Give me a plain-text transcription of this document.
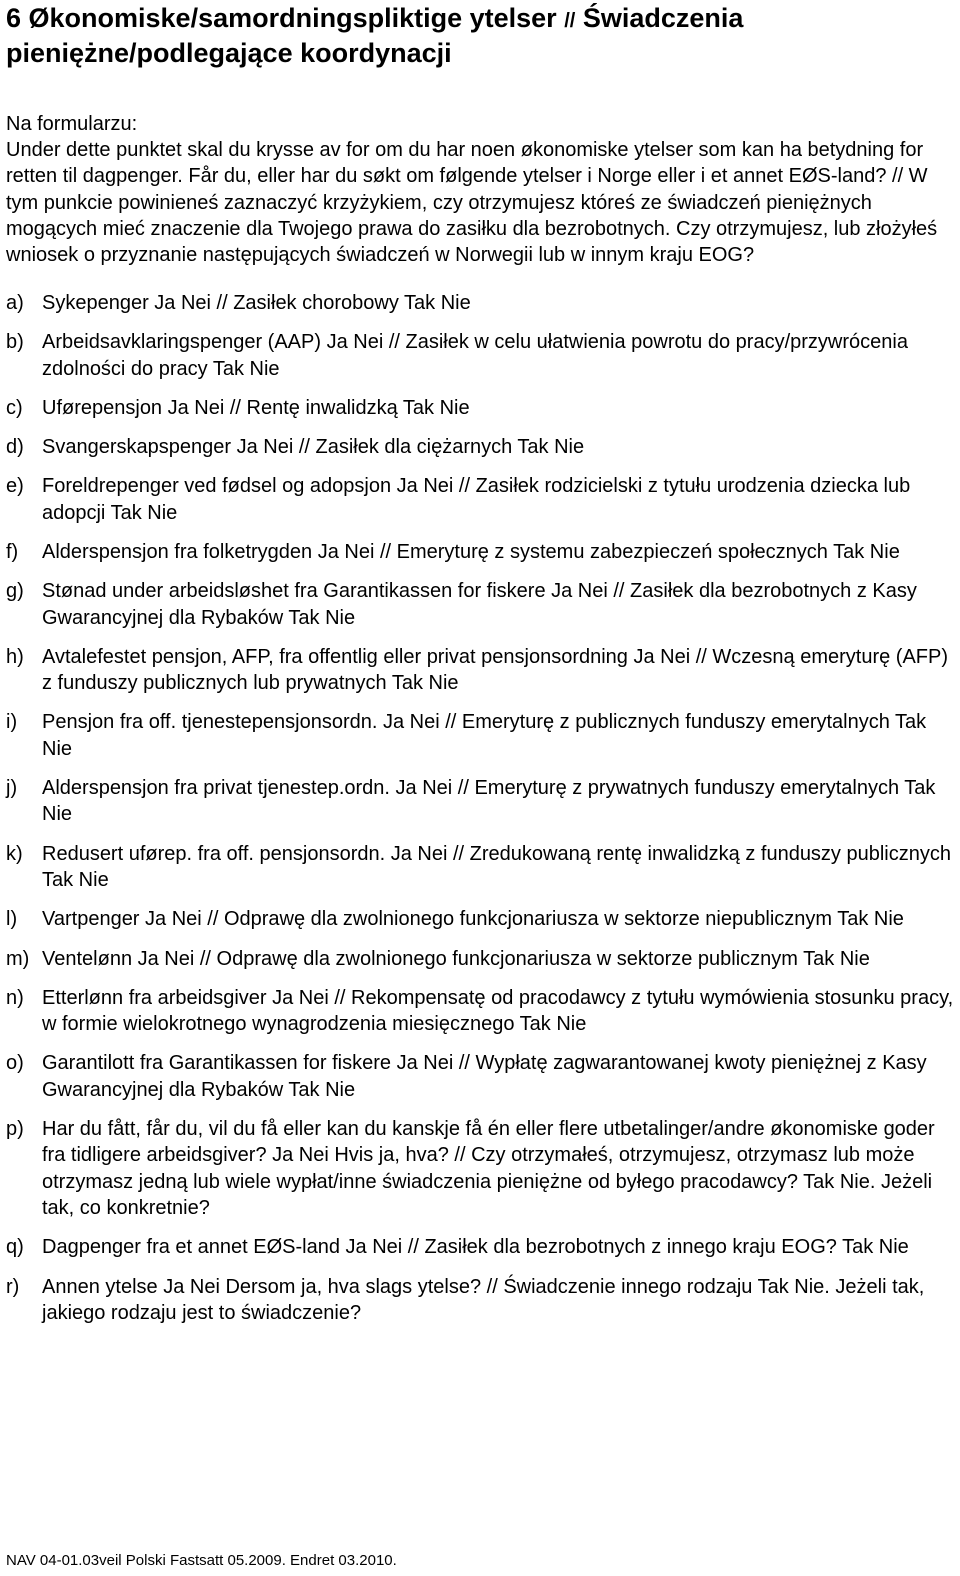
6 Økonomiske/samordningspliktige ytelser // Świadczenia pieniężne/podlegające koordynacji
Na formularzu:
Under dette punktet skal du krysse av for om du har noen økonomiske ytelser som kan ha betydning for retten til dagpenger. Får du, eller har du søkt om følgende ytelser i Norge eller i et annet EØS-land? // W tym punkcie powinieneś zaznaczyć krzyżykiem, czy otrzymujesz któreś ze świadczeń pieniężnych mogących mieć znaczenie dla Twojego prawa do zasiłku dla bezrobotnych. Czy otrzymujesz, lub złożyłeś wniosek o przyznanie następujących świadczeń w Norwegii lub w innym kraju EOG?
a) Sykepenger Ja Nei // Zasiłek chorobowy Tak Nie
b) Arbeidsavklaringspenger (AAP) Ja Nei // Zasiłek w celu ułatwienia powrotu do pracy/przywrócenia zdolności do pracy Tak Nie
c) Uførepensjon Ja Nei // Rentę inwalidzką Tak Nie
d) Svangerskapspenger Ja Nei // Zasiłek dla ciężarnych Tak Nie
e) Foreldrepenger ved fødsel og adopsjon Ja Nei // Zasiłek rodzicielski z tytułu urodzenia dziecka lub adopcji Tak Nie
f)	Alderspensjon fra folketrygden Ja Nei // Emeryturę z systemu zabezpieczeń społecznych Tak Nie
g) Stønad under arbeidsløshet fra Garantikassen for fiskere Ja Nei // Zasiłek dla bezrobotnych z Kasy Gwarancyjnej dla Rybaków Tak Nie
h) Avtalefestet pensjon, AFP, fra offentlig eller privat pensjonsordning Ja Nei // Wczesną emeryturę (AFP) z funduszy publicznych lub prywatnych Tak Nie
i)	Pensjon fra off. tjenestepensjonsordn. Ja Nei // Emeryturę z publicznych funduszy emerytalnych Tak Nie
j)	Alderspensjon fra privat tjenestep.ordn. Ja Nei // Emeryturę z prywatnych funduszy emerytalnych Tak Nie
k) Redusert uførep. fra off. pensjonsordn. Ja Nei // Zredukowaną rentę inwalidzką z funduszy publicznych Tak Nie
l)	Vartpenger Ja Nei // Odprawę dla zwolnionego funkcjonariusza w sektorze niepublicznym Tak Nie
m) Ventelønn Ja Nei // Odprawę dla zwolnionego funkcjonariusza w sektorze publicznym Tak Nie
n) Etterlønn fra arbeidsgiver Ja Nei // Rekompensatę od pracodawcy z tytułu wymówienia stosunku pracy, w formie wielokrotnego wynagrodzenia miesięcznego Tak Nie
o) Garantilott fra Garantikassen for fiskere Ja Nei // Wypłatę zagwarantowanej kwoty pieniężnej z Kasy Gwarancyjnej dla Rybaków Tak Nie
p) Har du fått, får du, vil du få eller kan du kanskje få én eller flere utbetalinger/andre økonomiske goder fra tidligere arbeidsgiver? Ja Nei Hvis ja, hva? // Czy otrzymałeś, otrzymujesz, otrzymasz lub może otrzymasz jedną lub wiele wypłat/inne świadczenia pieniężne od byłego pracodawcy? Tak Nie. Jeżeli tak, co konkretnie?
q) Dagpenger fra et annet EØS-land Ja Nei // Zasiłek dla bezrobotnych z innego kraju EOG? Tak Nie
r)	Annen ytelse Ja Nei Dersom ja, hva slags ytelse? // Świadczenie innego rodzaju Tak Nie. Jeżeli tak, jakiego rodzaju jest to świadczenie?
NAV 04-01.03veil Polski Fastsatt 05.2009. Endret 03.2010.
